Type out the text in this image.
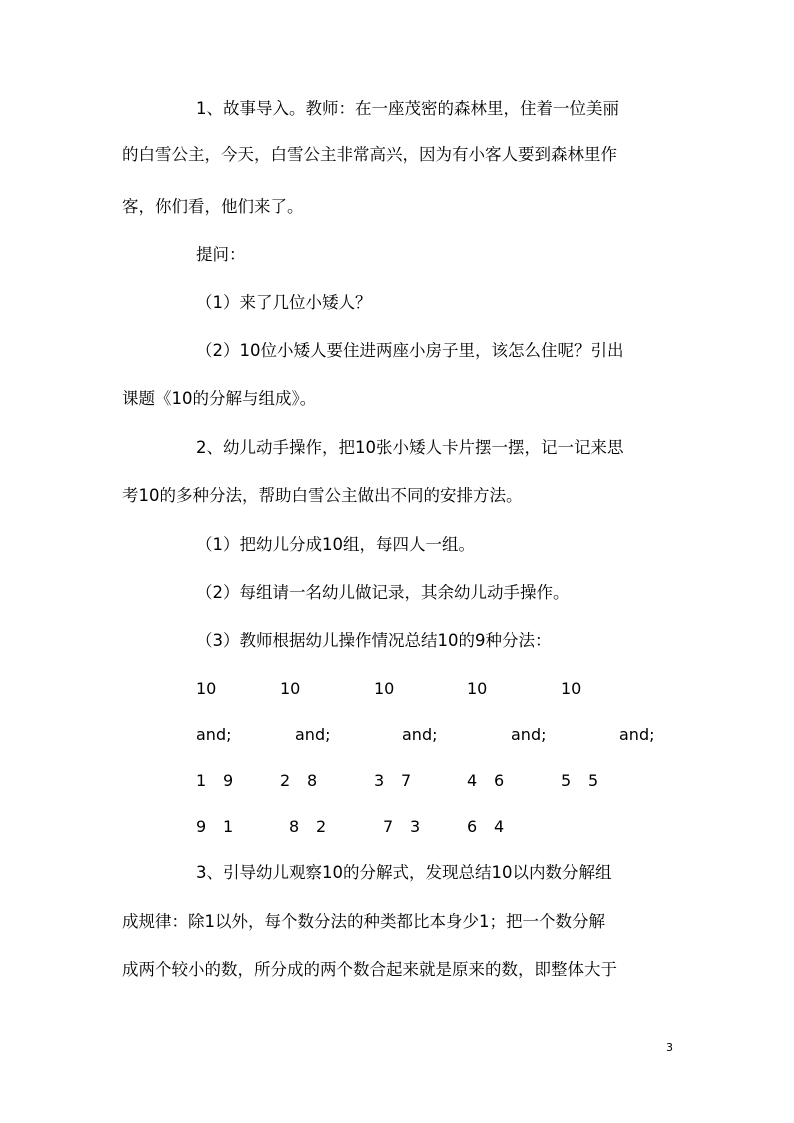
1、故事导入。教师：在一座茂密的森林里，住着一位美丽
的白雪公主，今天，白雪公主非常高兴，因为有小客人要到森林里作
客，你们看，他们来了。
提问：
（1）来了几位小矮人？
（2）10位小矮人要住进两座小房子里，该怎么住呢？引出
课题《10的分解与组成》。
2、幼儿动手操作，把10张小矮人卡片摆一摆，记一记来思
考10的多种分法，帮助白雪公主做出不同的安排方法。
（1）把幼儿分成10组，每四人一组。
（2）每组请一名幼儿做记录，其余幼儿动手操作。
（3）教师根据幼儿操作情况总结10的9种分法：
10	10	10	10	10
and;	and;	and;	and;	and;
1 9	2 8	3 7	4 6	5 5
9 1	8 2	7 3	6 4
3、引导幼儿观察10的分解式，发现总结10以内数分解组
成规律：除1以外，每个数分法的种类都比本身少1；把一个数分解
成两个较小的数，所分成的两个数合起来就是原来的数，即整体大于
3
